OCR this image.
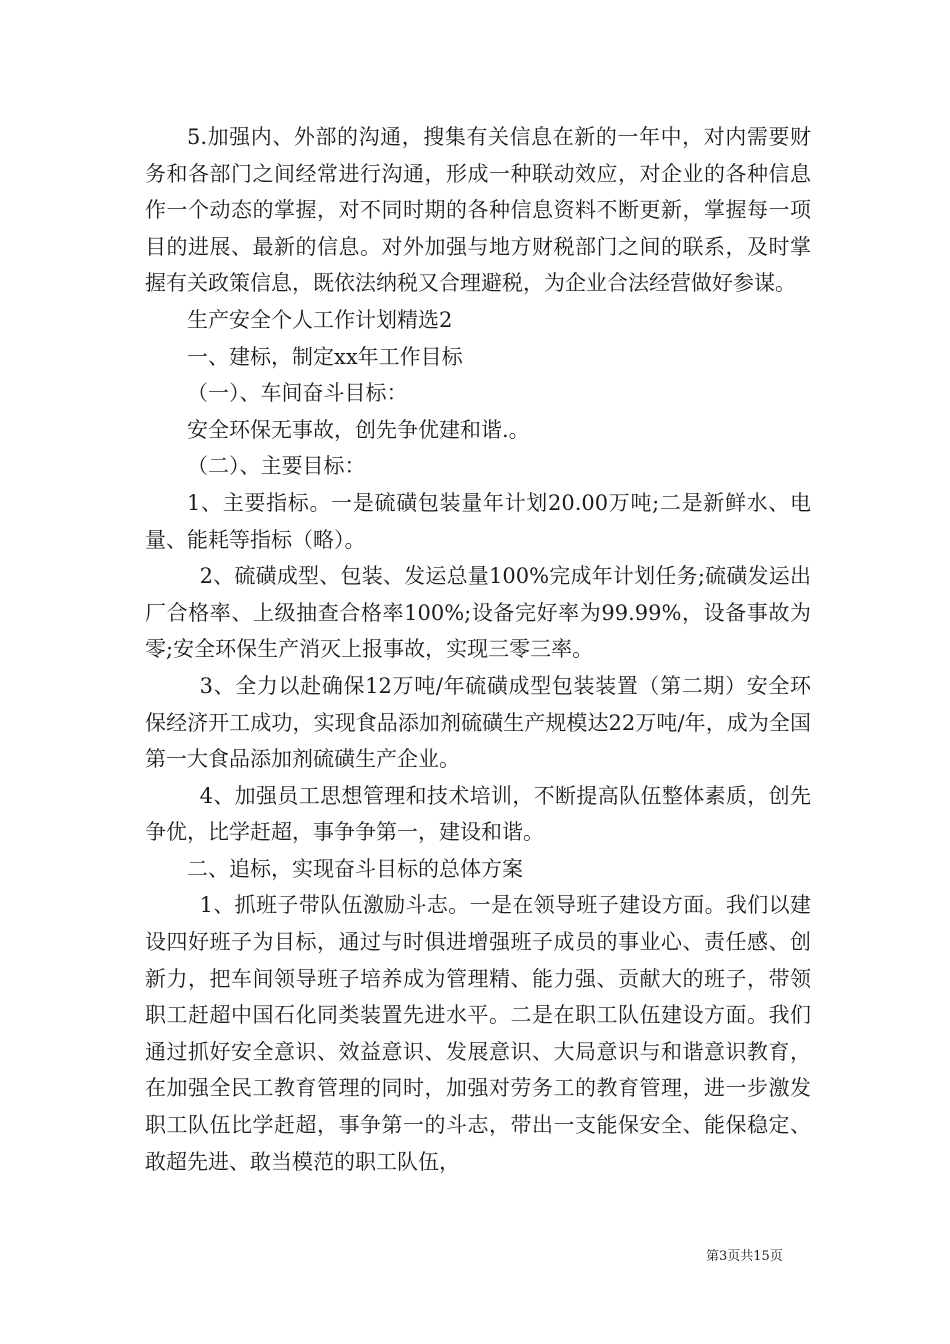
5.加强内、外部的沟通，搜集有关信息在新的一年中，对内需要财务和各部门之间经常进行沟通，形成一种联动效应，对企业的各种信息作一个动态的掌握，对不同时期的各种信息资料不断更新，掌握每一项目的进展、最新的信息。对外加强与地方财税部门之间的联系，及时掌握有关政策信息，既依法纳税又合理避税，为企业合法经营做好参谋。

生产安全个人工作计划精选2

一、建标，制定xx年工作目标

（一）、车间奋斗目标：

安全环保无事故，创先争优建和谐.。

（二）、主要目标：

1、主要指标。一是硫磺包装量年计划20.00万吨;二是新鲜水、电量、能耗等指标（略）。

2、硫磺成型、包装、发运总量100%完成年计划任务;硫磺发运出厂合格率、上级抽查合格率100%;设备完好率为99.99%，设备事故为零;安全环保生产消灭上报事故，实现三零三率。

3、全力以赴确保12万吨/年硫磺成型包装装置（第二期）安全环保经济开工成功，实现食品添加剂硫磺生产规模达22万吨/年，成为全国第一大食品添加剂硫磺生产企业。

4、加强员工思想管理和技术培训，不断提高队伍整体素质，创先争优，比学赶超，事争争第一，建设和谐。

二、追标，实现奋斗目标的总体方案

1、抓班子带队伍激励斗志。一是在领导班子建设方面。我们以建设四好班子为目标，通过与时俱进增强班子成员的事业心、责任感、创新力，把车间领导班子培养成为管理精、能力强、贡献大的班子，带领职工赶超中国石化同类装置先进水平。二是在职工队伍建设方面。我们通过抓好安全意识、效益意识、发展意识、大局意识与和谐意识教育，在加强全民工教育管理的同时，加强对劳务工的教育管理，进一步激发职工队伍比学赶超，事争第一的斗志，带出一支能保安全、能保稳定、敢超先进、敢当模范的职工队伍，

第3页共15页
